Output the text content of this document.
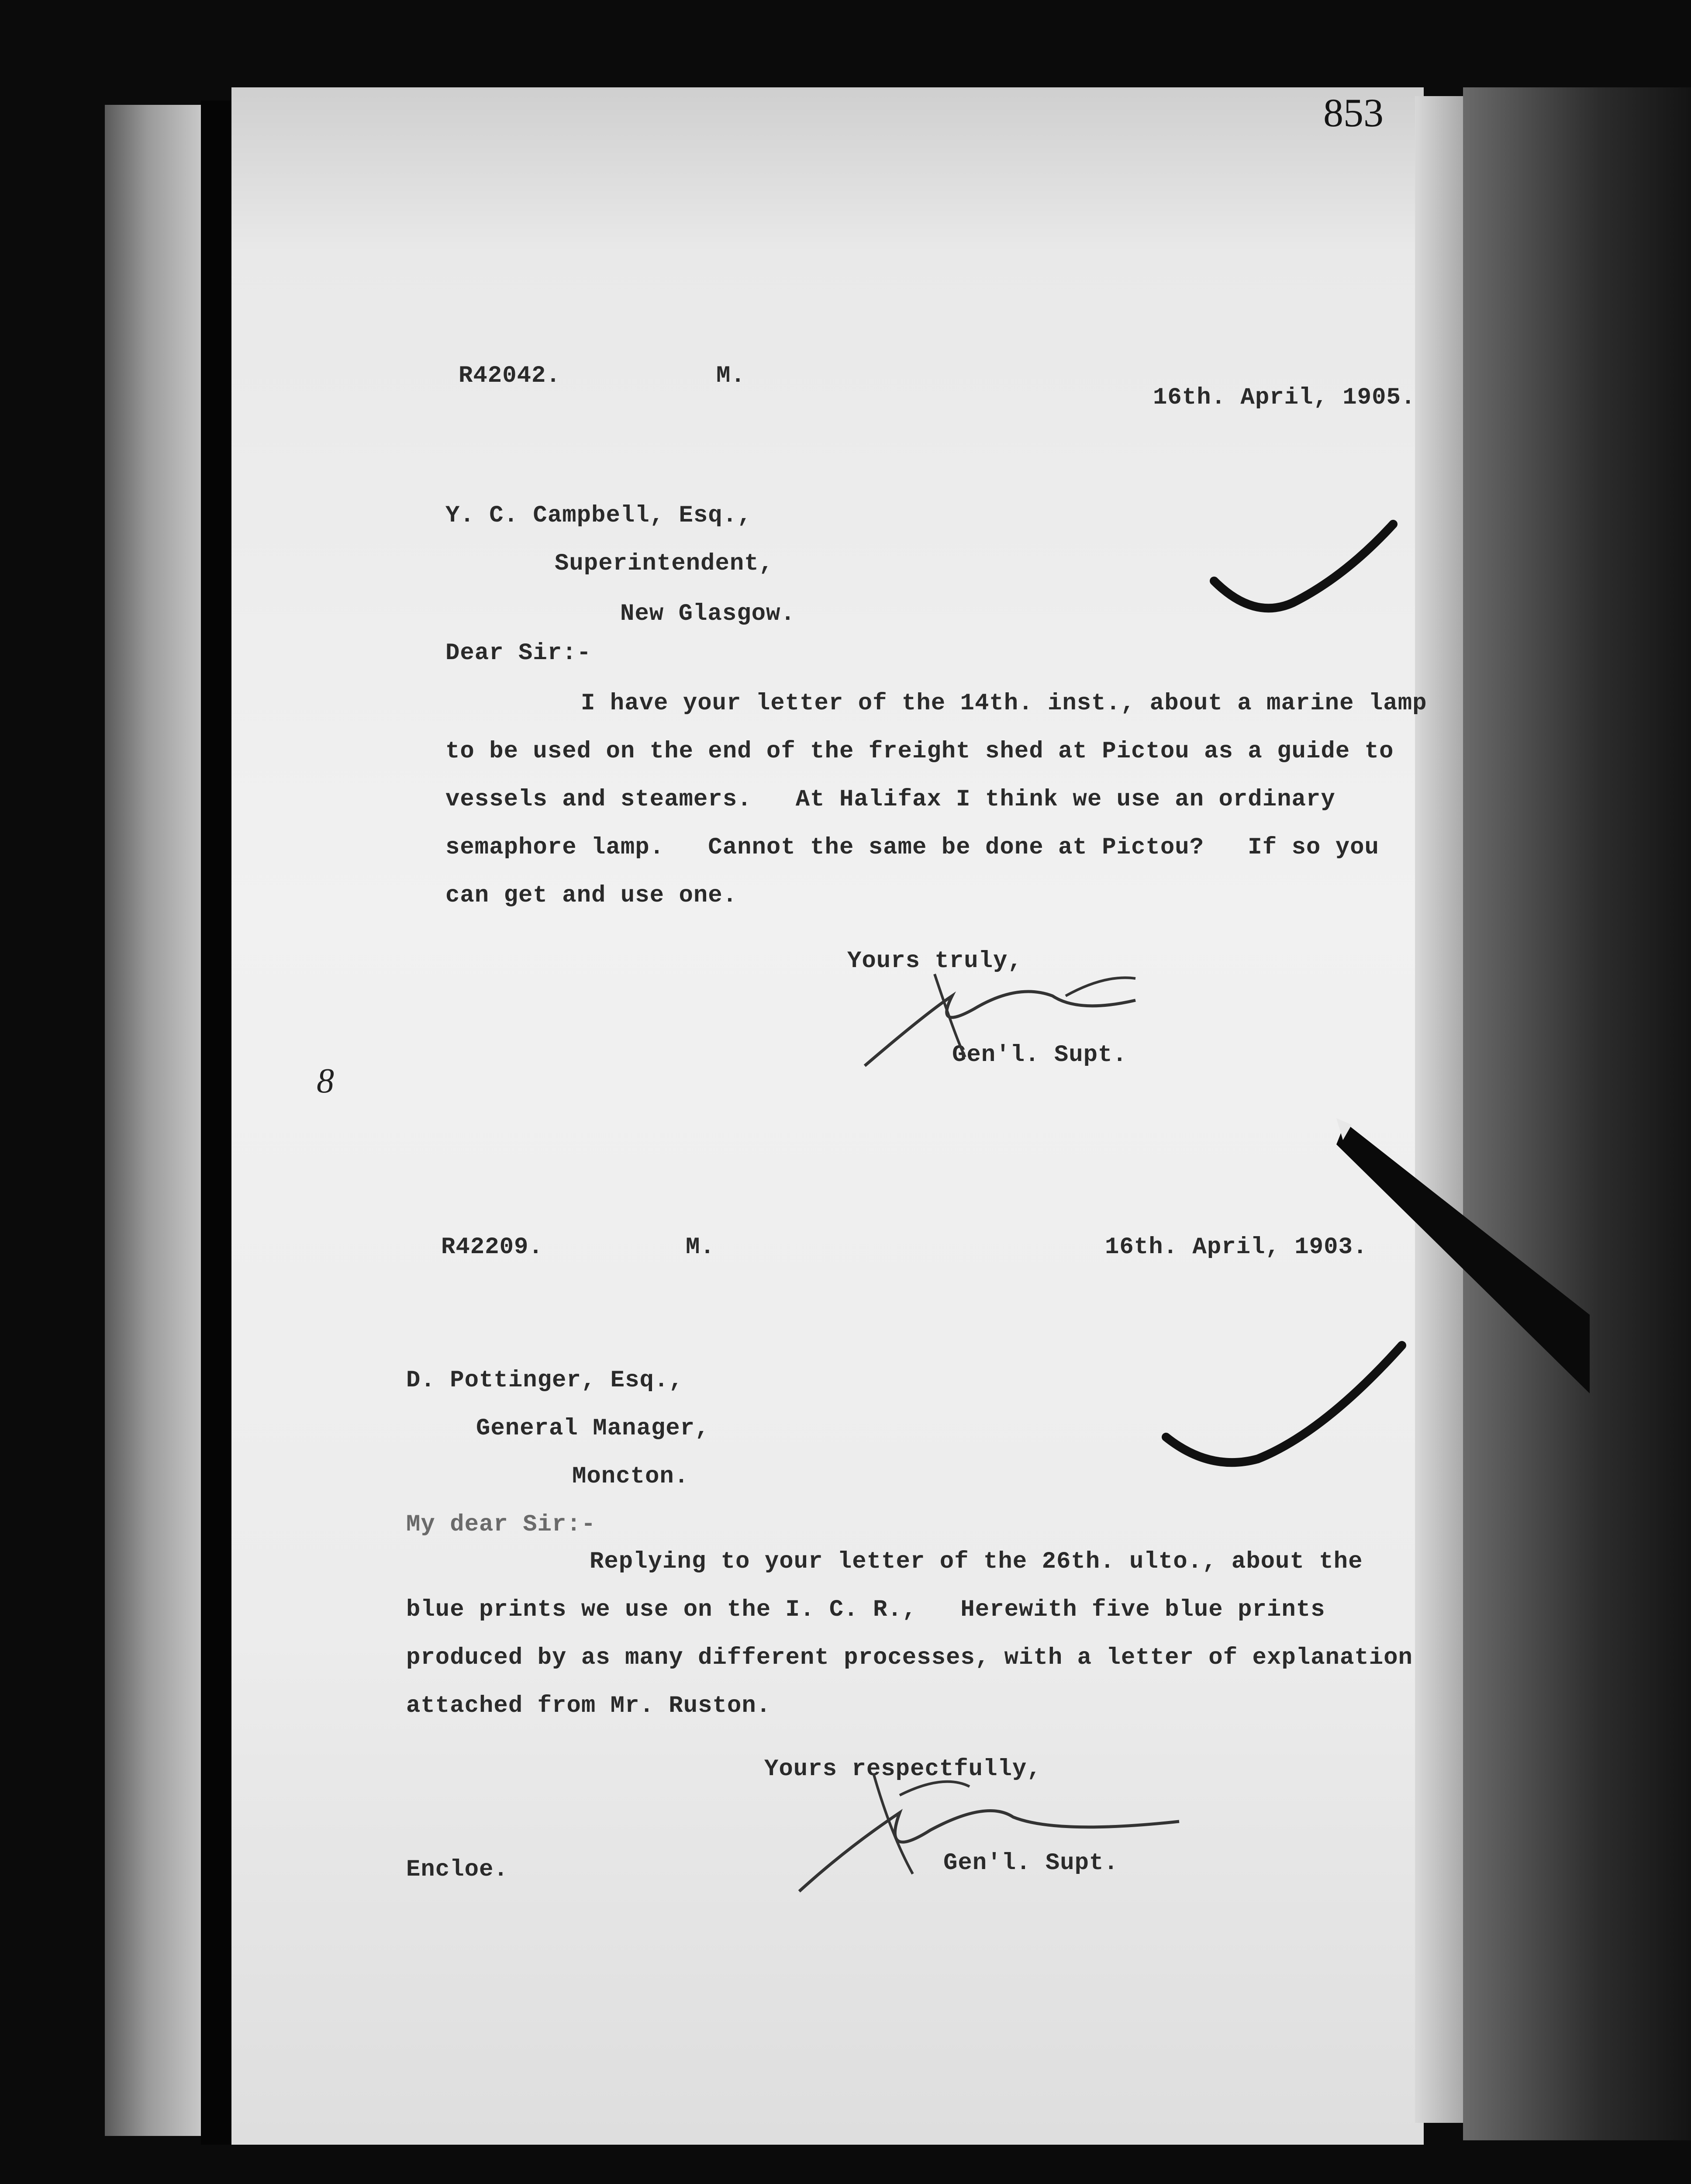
853
R42042.	M.
16th. April, 1905.
Y. C. Campbell, Esq.,
Superintendent,
New Glasgow.
Dear Sir:-
I have your letter of the 14th. inst., about a marine lamp
to be used on the end of the freight shed at Pictou as a guide to
vessels and steamers.   At Halifax I think we use an ordinary
semaphore lamp.   Cannot the same be done at Pictou?   If so you
can get and use one.
Yours truly,
Gen'l. Supt.
8
R42209.	M.	16th. April, 1903.
D. Pottinger, Esq.,
General Manager,
Moncton.
My dear Sir:-
Replying to your letter of the 26th. ulto., about the
blue prints we use on the I. C. R.,   Herewith five blue prints
produced by as many different processes, with a letter of explanation
attached from Mr. Ruston.
Yours respectfully,
Gen'l. Supt.
Encloe.
